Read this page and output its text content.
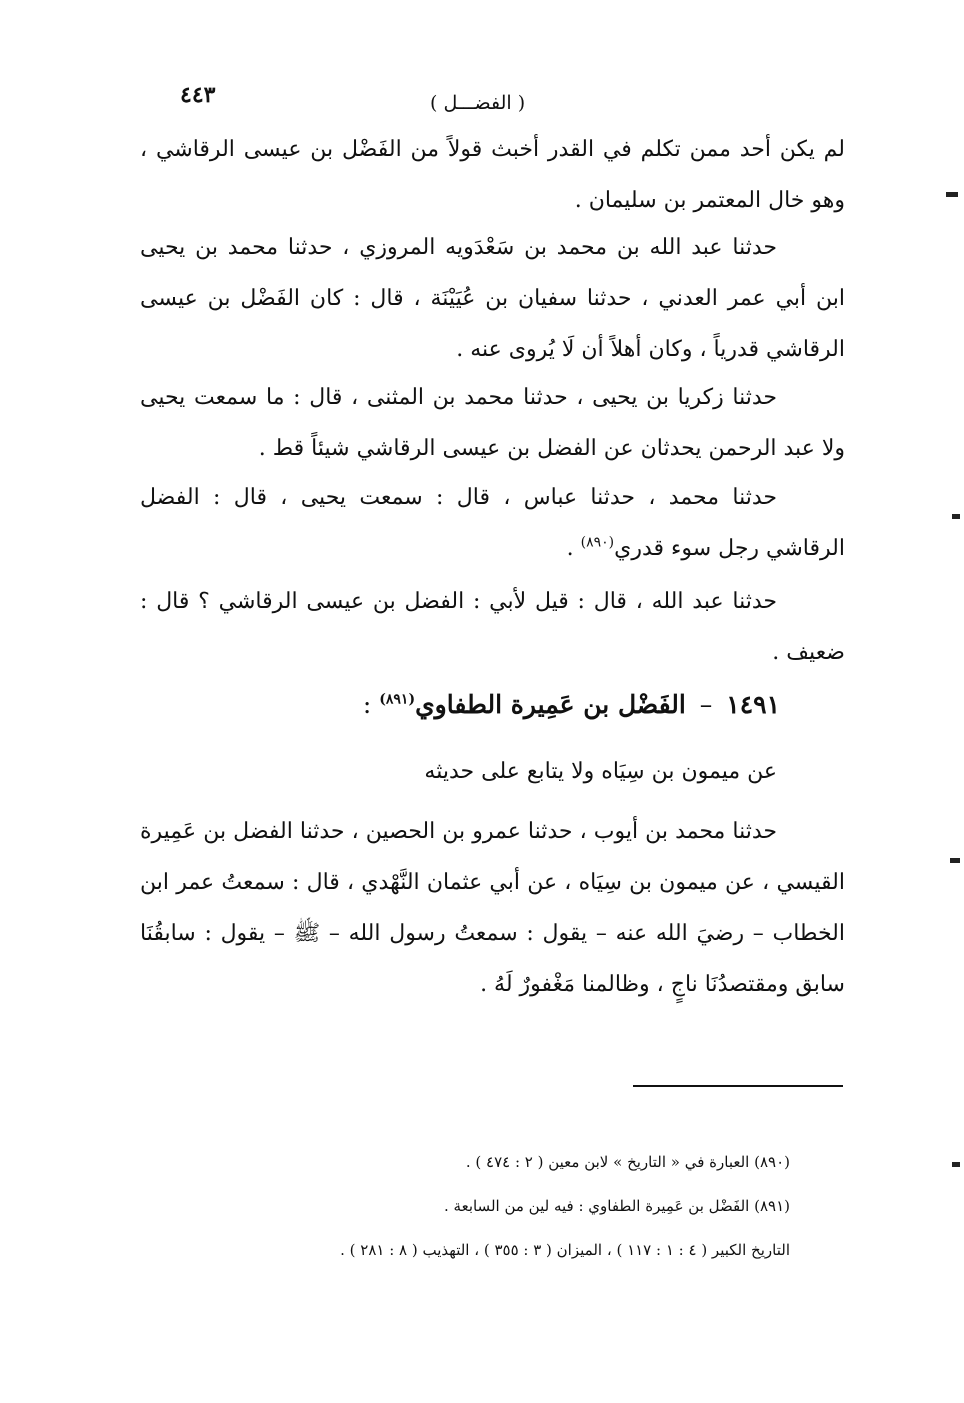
٤٤٣	( الفضـــل )

لم يكن أحد ممن تكلم في القدر أخبث قولاً من الفَضْل بن عيسى الرقاشي ، وهو خال المعتمر بن سليمان .

حدثنا عبد الله بن محمد بن سَعْدَويه المروزي ، حدثنا محمد بن يحيى ابن أبي عمر العدني ، حدثنا سفيان بن عُيَيْنَة ، قال : كان الفَضْل بن عيسى الرقاشي قدرياً ، وكان أهلاً أن لَا يُروى عنه .

حدثنا زكريا بن يحيى ، حدثنا محمد بن المثنى ، قال : ما سمعت يحيى ولا عبد الرحمن يحدثان عن الفضل بن عيسى الرقاشي شيئاً قط .

حدثنا محمد ، حدثنا عباس ، قال : سمعت يحيى ، قال : الفضل الرقاشي رجل سوء قدري$^{(٨٩٠)}$ .

حدثنا عبد الله ، قال : قيل لأبي : الفضل بن عيسى الرقاشي ؟ قال : ضعيف .

١٤٩١–الفَضْل بن عَمِيرة الطفاوي$^{(٨٩١)}$:

عن ميمون بن سِيَاه ولا يتابع على حديثه

حدثنا محمد بن أيوب ، حدثنا عمرو بن الحصين ، حدثنا الفضل بن عَمِيرة القيسي ، عن ميمون بن سِيَاه ، عن أبي عثمان النَّهْدي ، قال : سمعتُ عمر ابن الخطاب – رضيَ الله عنه – يقول : سمعتُ رسول الله – ﷺ – يقول : سابقُنَا سابق ومقتصدُنَا ناجٍ ، وظالمنا مَغْفورٌ لَهُ .

(٨٩٠) العبارة في « التاريخ » لابن معين ( ٢ : ٤٧٤ ) .

(٨٩١) الفَضْل بن عَمِيرة الطفاوي : فيه لين من السابعة .

التاريخ الكبير ( ٤ : ١ : ١١٧ ) ، الميزان ( ٣ : ٣٥٥ ) ، التهذيب ( ٨ : ٢٨١ ) .
